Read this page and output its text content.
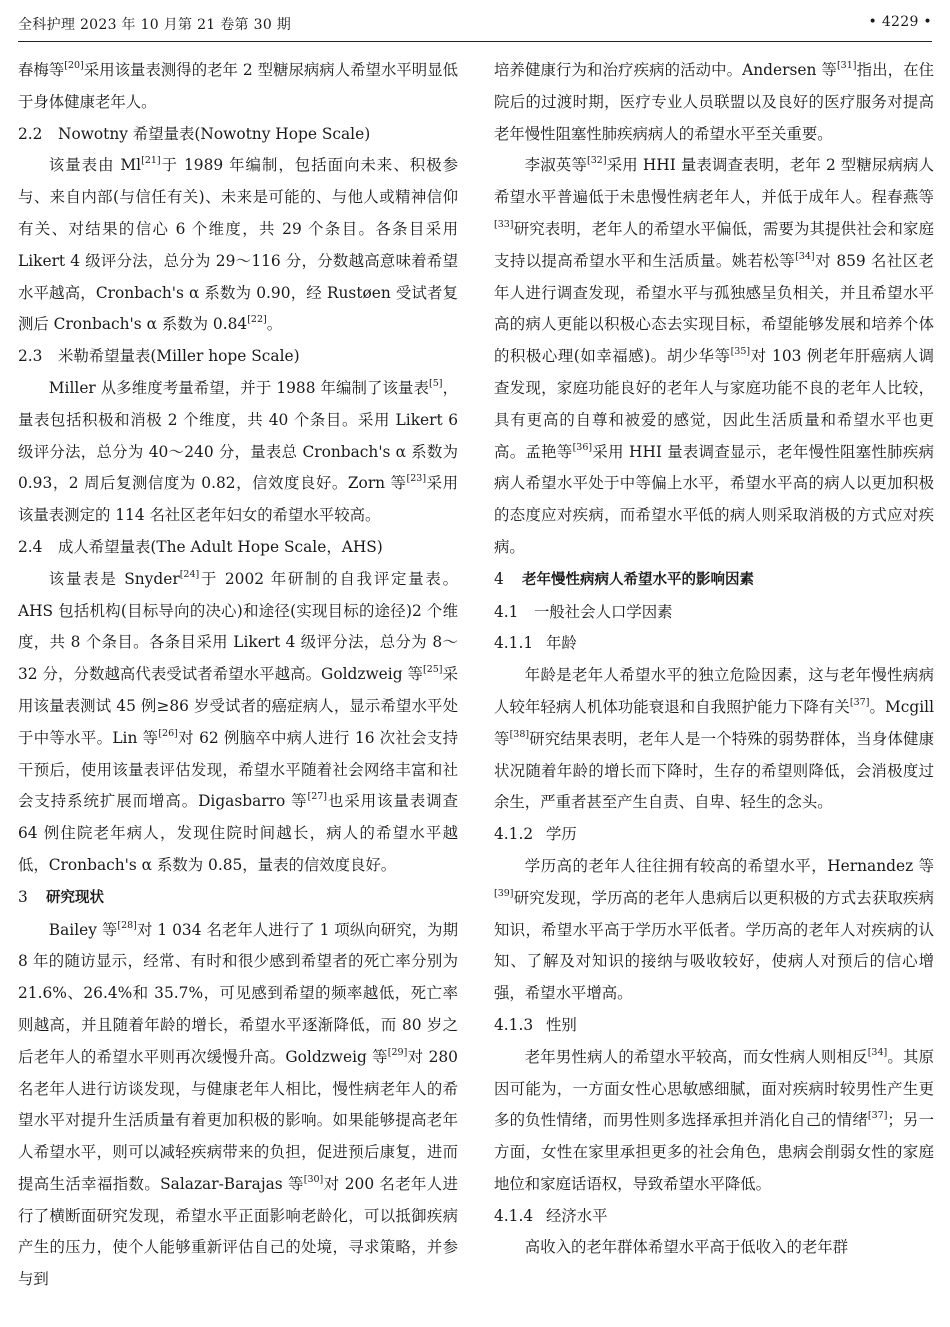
全科护理 2023 年 10 月第 21 卷第 30 期	• 4229 •

春梅等[20]采用该量表测得的老年 2 型糖尿病病人希望水平明显低于身体健康老年人。

2.2 Nowotny 希望量表(Nowotny Hope Scale)

该量表由 Ml[21]于 1989 年编制，包括面向未来、积极参与、来自内部(与信任有关)、未来是可能的、与他人或精神信仰有关、对结果的信心 6 个维度，共 29 个条目。各条目采用 Likert 4 级评分法，总分为 29～116 分，分数越高意味着希望水平越高，Cronbach's α 系数为 0.90，经 Rustøen 受试者复测后 Cronbach's α 系数为 0.84[22]。

2.3 米勒希望量表(Miller hope Scale)

Miller 从多维度考量希望，并于 1988 年编制了该量表[5]，量表包括积极和消极 2 个维度，共 40 个条目。采用 Likert 6 级评分法，总分为 40～240 分，量表总 Cronbach's α 系数为 0.93，2 周后复测信度为 0.82，信效度良好。Zorn 等[23]采用该量表测定的 114 名社区老年妇女的希望水平较高。

2.4 成人希望量表(The Adult Hope Scale，AHS)

该量表是 Snyder[24]于 2002 年研制的自我评定量表。AHS 包括机构(目标导向的决心)和途径(实现目标的途径)2 个维度，共 8 个条目。各条目采用 Likert 4 级评分法，总分为 8～32 分，分数越高代表受试者希望水平越高。Goldzweig 等[25]采用该量表测试 45 例≥86 岁受试者的癌症病人，显示希望水平处于中等水平。Lin 等[26]对 62 例脑卒中病人进行 16 次社会支持干预后，使用该量表评估发现，希望水平随着社会网络丰富和社会支持系统扩展而增高。Digasbarro 等[27]也采用该量表调查 64 例住院老年病人，发现住院时间越长，病人的希望水平越低，Cronbach's α 系数为 0.85，量表的信效度良好。

3 研究现状

Bailey 等[28]对 1 034 名老年人进行了 1 项纵向研究，为期 8 年的随访显示，经常、有时和很少感到希望者的死亡率分别为 21.6%、26.4%和 35.7%，可见感到希望的频率越低，死亡率则越高，并且随着年龄的增长，希望水平逐渐降低，而 80 岁之后老年人的希望水平则再次缓慢升高。Goldzweig 等[29]对 280 名老年人进行访谈发现，与健康老年人相比，慢性病老年人的希望水平对提升生活质量有着更加积极的影响。如果能够提高老年人希望水平，则可以减轻疾病带来的负担，促进预后康复，进而提高生活幸福指数。Salazar-Barajas 等[30]对 200 名老年人进行了横断面研究发现，希望水平正面影响老龄化，可以抵御疾病产生的压力，使个人能够重新评估自己的处境，寻求策略，并参与到

培养健康行为和治疗疾病的活动中。Andersen 等[31]指出，在住院后的过渡时期，医疗专业人员联盟以及良好的医疗服务对提高老年慢性阻塞性肺疾病病人的希望水平至关重要。

李淑英等[32]采用 HHI 量表调查表明，老年 2 型糖尿病病人希望水平普遍低于未患慢性病老年人，并低于成年人。程春燕等[33]研究表明，老年人的希望水平偏低，需要为其提供社会和家庭支持以提高希望水平和生活质量。姚若松等[34]对 859 名社区老年人进行调查发现，希望水平与孤独感呈负相关，并且希望水平高的病人更能以积极心态去实现目标，希望能够发展和培养个体的积极心理(如幸福感)。胡少华等[35]对 103 例老年肝癌病人调查发现，家庭功能良好的老年人与家庭功能不良的老年人比较，具有更高的自尊和被爱的感觉，因此生活质量和希望水平也更高。孟艳等[36]采用 HHI 量表调查显示，老年慢性阻塞性肺疾病病人希望水平处于中等偏上水平，希望水平高的病人以更加积极的态度应对疾病，而希望水平低的病人则采取消极的方式应对疾病。

4 老年慢性病病人希望水平的影响因素

4.1 一般社会人口学因素

4.1.1 年龄

年龄是老年人希望水平的独立危险因素，这与老年慢性病病人较年轻病人机体功能衰退和自我照护能力下降有关[37]。Mcgill 等[38]研究结果表明，老年人是一个特殊的弱势群体，当身体健康状况随着年龄的增长而下降时，生存的希望则降低，会消极度过余生，严重者甚至产生自责、自卑、轻生的念头。

4.1.2 学历

学历高的老年人往往拥有较高的希望水平，Hernandez 等[39]研究发现，学历高的老年人患病后以更积极的方式去获取疾病知识，希望水平高于学历水平低者。学历高的老年人对疾病的认知、了解及对知识的接纳与吸收较好，使病人对预后的信心增强，希望水平增高。

4.1.3 性别

老年男性病人的希望水平较高，而女性病人则相反[34]。其原因可能为，一方面女性心思敏感细腻，面对疾病时较男性产生更多的负性情绪，而男性则多选择承担并消化自己的情绪[37]；另一方面，女性在家里承担更多的社会角色，患病会削弱女性的家庭地位和家庭话语权，导致希望水平降低。

4.1.4 经济水平

高收入的老年群体希望水平高于低收入的老年群
